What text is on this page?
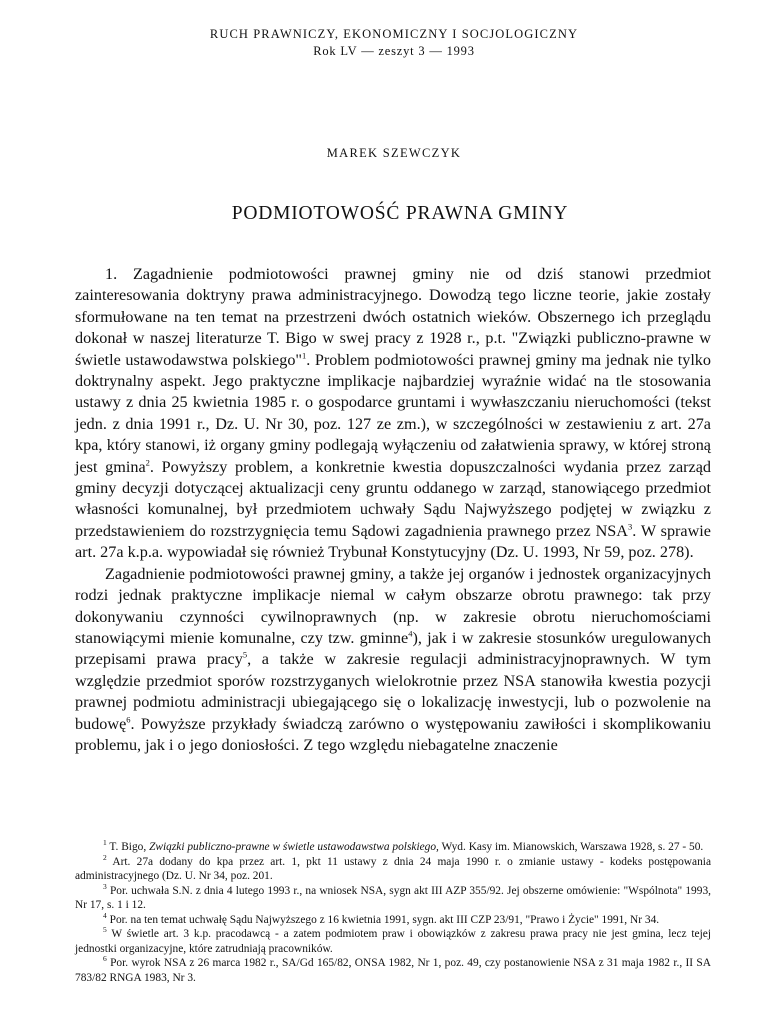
RUCH PRAWNICZY, EKONOMICZNY I SOCJOLOGICZNY
Rok LV — zeszyt 3 — 1993
MAREK SZEWCZYK
PODMIOTOWOŚĆ PRAWNA GMINY

1. Zagadnienie podmiotowości prawnej gminy nie od dziś stanowi przedmiot zainteresowania doktryny prawa administracyjnego. Dowodzą tego liczne teorie, jakie zostały sformułowane na ten temat na przestrzeni dwóch ostatnich wieków. Obszernego ich przeglądu dokonał w naszej literaturze T. Bigo w swej pracy z 1928 r., p.t. "Związki publiczno-prawne w świetle ustawodawstwa polskiego"$^1$. Problem podmiotowości prawnej gminy ma jednak nie tylko doktrynalny aspekt. Jego praktyczne implikacje najbardziej wyraźnie widać na tle stosowania ustawy z dnia 25 kwietnia 1985 r. o gospodarce gruntami i wywłaszczaniu nieruchomości (tekst jedn. z dnia 1991 r., Dz. U. Nr 30, poz. 127 ze zm.), w szczególności w zestawieniu z art. 27a kpa, który stanowi, iż organy gminy podlegają wyłączeniu od załatwienia sprawy, w której stroną jest gmina$^2$. Powyższy problem, a konkretnie kwestia dopuszczalności wydania przez zarząd gminy decyzji dotyczącej aktualizacji ceny gruntu oddanego w zarząd, stanowiącego przedmiot własności komunalnej, był przedmiotem uchwały Sądu Najwyższego podjętej w związku z przedstawieniem do rozstrzygnięcia temu Sądowi zagadnienia prawnego przez NSA$^3$. W sprawie art. 27a k.p.a. wypowiadał się również Trybunał Konstytucyjny (Dz. U. 1993, Nr 59, poz. 278).

Zagadnienie podmiotowości prawnej gminy, a także jej organów i jednostek organizacyjnych rodzi jednak praktyczne implikacje niemal w całym obszarze obrotu prawnego: tak przy dokonywaniu czynności cywilnoprawnych (np. w zakresie obrotu nieruchomościami stanowiącymi mienie komunalne, czy tzw. gminne$^4$), jak i w zakresie stosunków uregulowanych przepisami prawa pracy$^5$, a także w zakresie regulacji administracyjnoprawnych. W tym względzie przedmiot sporów rozstrzyganych wielokrotnie przez NSA stanowiła kwestia pozycji prawnej podmiotu administracji ubiegającego się o lokalizację inwestycji, lub o pozwolenie na budowę$^6$. Powyższe przykłady świadczą zarówno o występowaniu zawiłości i skomplikowaniu problemu, jak i o jego doniosłości. Z tego względu niebagatelne znaczenie

$^1$ T. Bigo, Związki publiczno-prawne w świetle ustawodawstwa polskiego, Wyd. Kasy im. Mianowskich, Warszawa 1928, s. 27 - 50.

$^2$ Art. 27a dodany do kpa przez art. 1, pkt 11 ustawy z dnia 24 maja 1990 r. o zmianie ustawy - kodeks postępowania administracyjnego (Dz. U. Nr 34, poz. 201.

$^3$ Por. uchwała S.N. z dnia 4 lutego 1993 r., na wniosek NSA, sygn akt III AZP 355/92. Jej obszerne omówienie: "Wspólnota" 1993, Nr 17, s. 1 i 12.

$^4$ Por. na ten temat uchwałę Sądu Najwyższego z 16 kwietnia 1991, sygn. akt III CZP 23/91, "Prawo i Życie" 1991, Nr 34.

$^5$ W świetle art. 3 k.p. pracodawcą - a zatem podmiotem praw i obowiązków z zakresu prawa pracy nie jest gmina, lecz tejej jednostki organizacyjne, które zatrudniają pracowników.

$^6$ Por. wyrok NSA z 26 marca 1982 r., SA/Gd 165/82, ONSA 1982, Nr 1, poz. 49, czy postanowienie NSA z 31 maja 1982 r., II SA 783/82 RNGA 1983, Nr 3.
